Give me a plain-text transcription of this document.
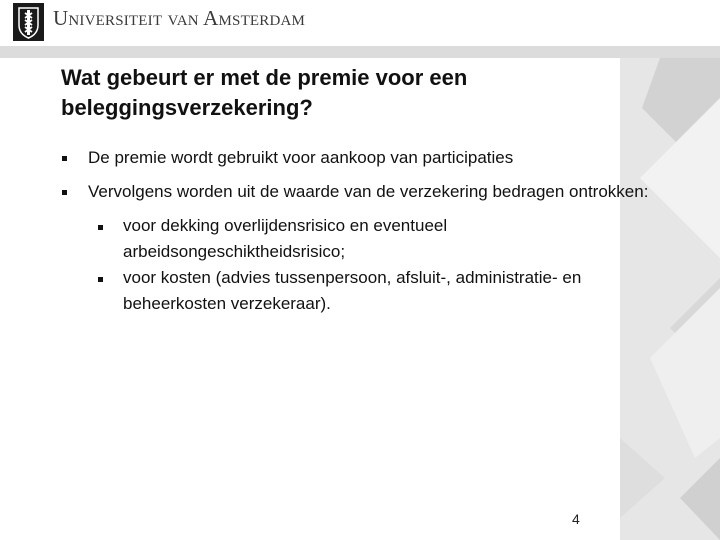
Universiteit van Amsterdam
Wat gebeurt er met de premie voor een beleggingsverzekering?
De premie wordt gebruikt voor aankoop van participaties
Vervolgens worden uit de waarde van de verzekering bedragen ontrokken:
voor dekking overlijdensrisico en eventueel arbeidsongeschiktheidsrisico;
voor kosten (advies tussenpersoon, afsluit-, administratie- en beheerkosten verzekeraar).
4
